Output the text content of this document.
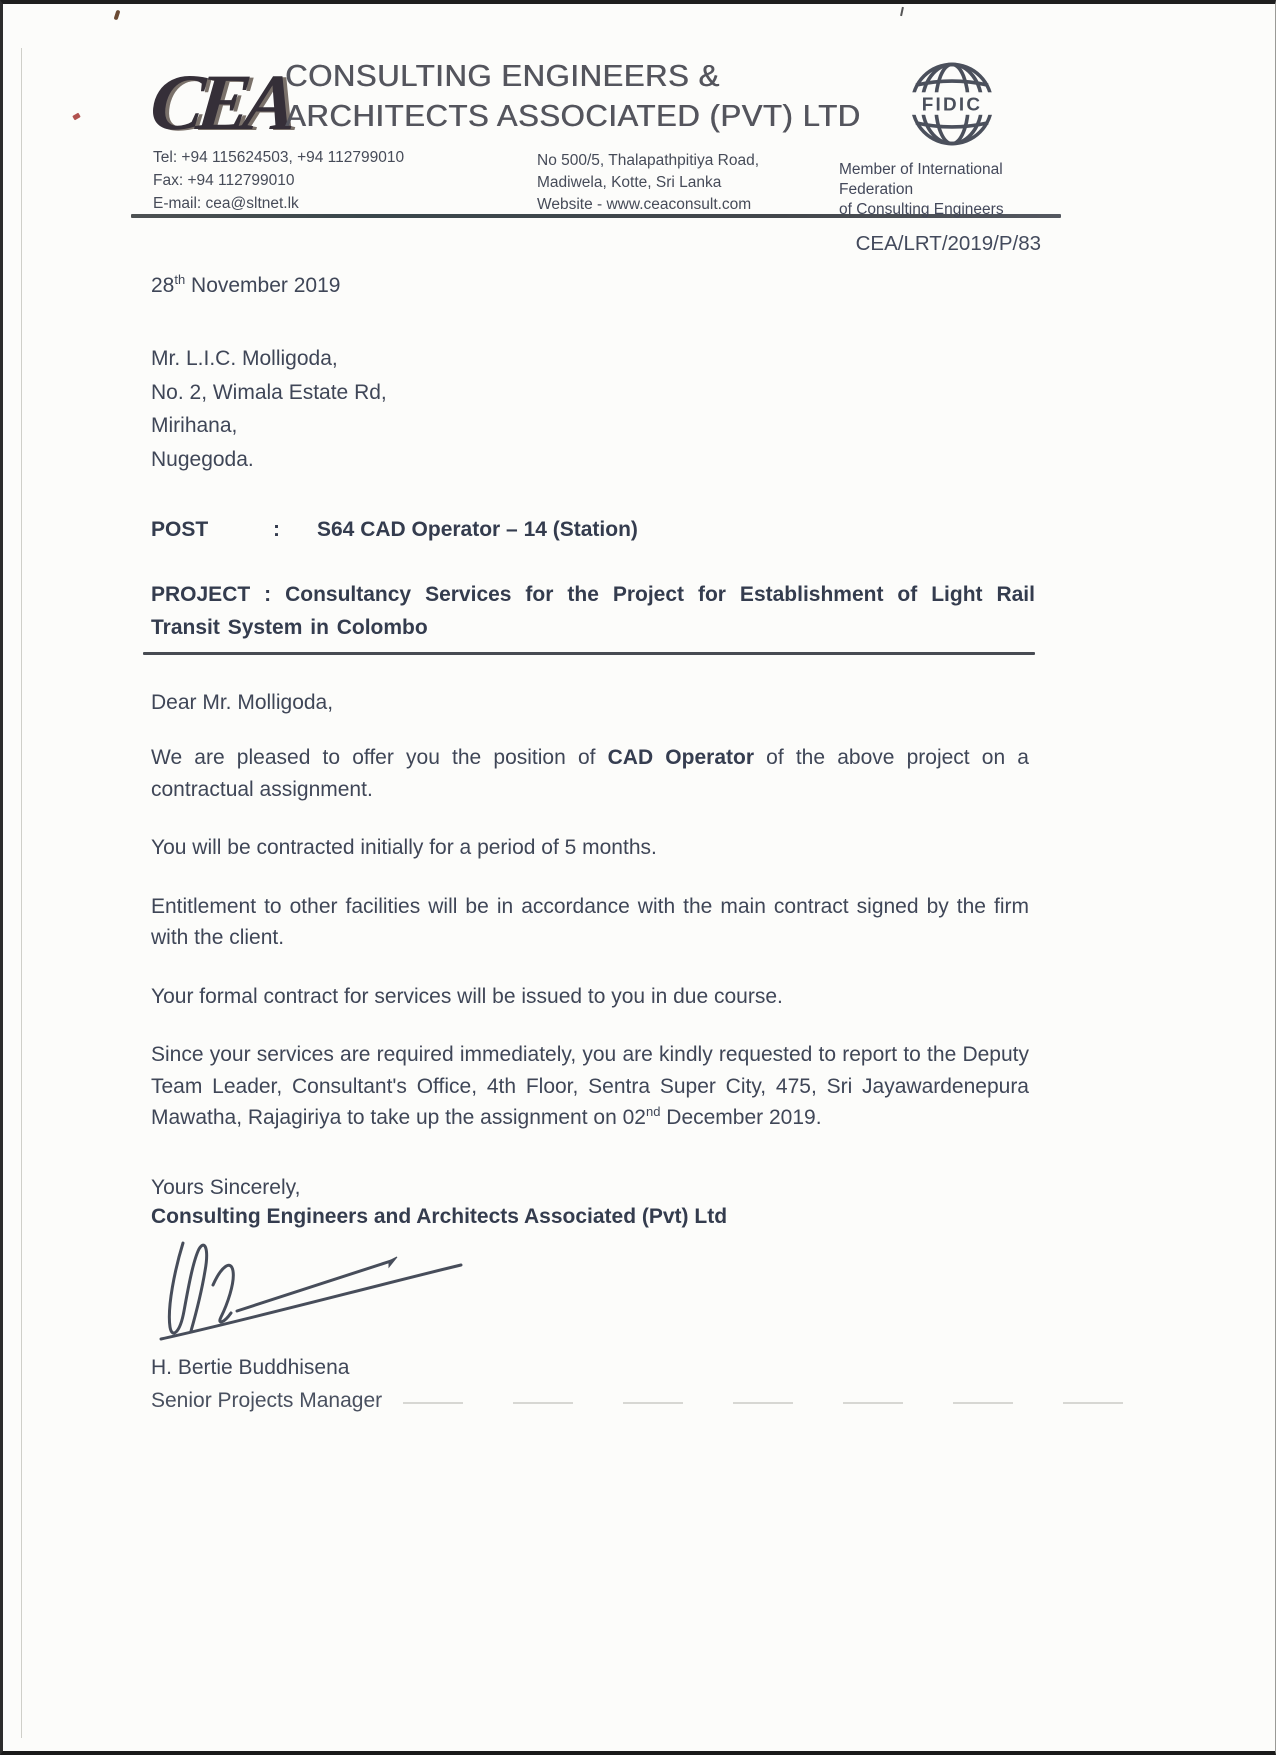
CEA
CONSULTING ENGINEERS &
ARCHITECTS ASSOCIATED (PVT) LTD
Tel: +94 115624503, +94 112799010
Fax: +94 112799010
E-mail: cea@sltnet.lk
No 500/5, Thalapathpitiya Road,
Madiwela, Kotte, Sri Lanka
Website - www.ceaconsult.com
FIDIC
Member of International Federation
of Consulting Engineers
CEA/LRT/2019/P/83
28th November 2019
Mr. L.I.C. Molligoda,
No. 2, Wimala Estate Rd,
Mirihana,
Nugegoda.
POST	:	S64 CAD Operator – 14 (Station)
PROJECT : Consultancy Services for the Project for Establishment of Light Rail Transit System in Colombo
Dear Mr. Molligoda,

We are pleased to offer you the position of CAD Operator of the above project on a contractual assignment.

You will be contracted initially for a period of 5 months.

Entitlement to other facilities will be in accordance with the main contract signed by the firm with the client.

Your formal contract for services will be issued to you in due course.

Since your services are required immediately, you are kindly requested to report to the Deputy Team Leader, Consultant's Office, 4th Floor, Sentra Super City, 475, Sri Jayawardenepura Mawatha, Rajagiriya to take up the assignment on 02nd December 2019.

Yours Sincerely,
Consulting Engineers and Architects Associated (Pvt) Ltd
H. Bertie Buddhisena
Senior Projects Manager
